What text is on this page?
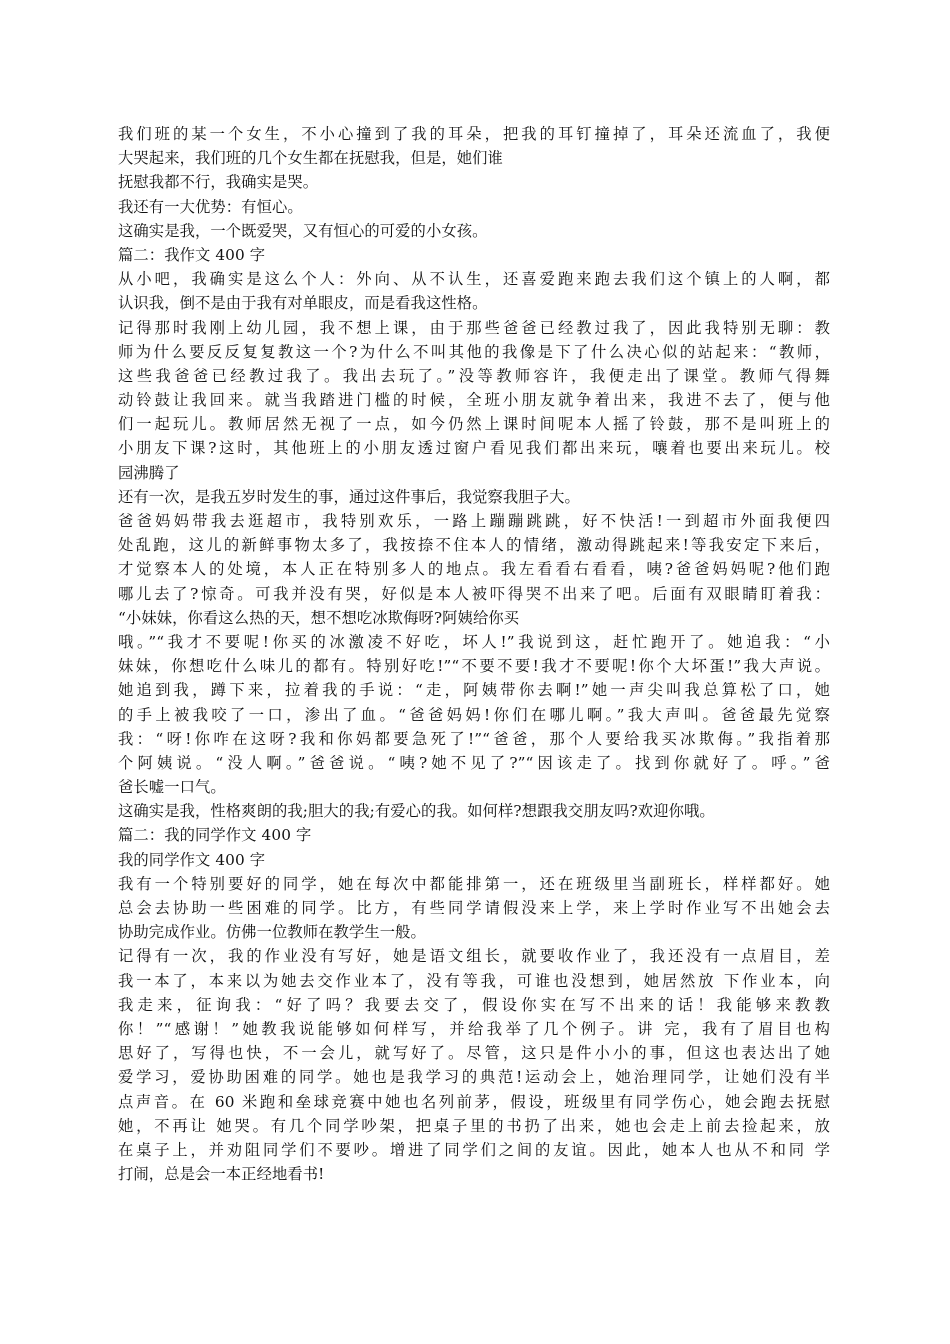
我们班的某一个女生，不小心撞到了我的耳朵，把我的耳钉撞掉了，耳朵还流血了，我便
大哭起来，我们班的几个女生都在抚慰我，但是，她们谁
抚慰我都不行，我确实是哭。
我还有一大优势：有恒心。
这确实是我，一个既爱哭，又有恒心的可爱的小女孩。
篇二：我作文 400 字
从小吧，我确实是这么个人：外向、从不认生，还喜爱跑来跑去我们这个镇上的人啊，都
认识我，倒不是由于我有对单眼皮，而是看我这性格。
记得那时我刚上幼儿园，我不想上课，由于那些爸爸已经教过我了，因此我特别无聊：教
师为什么要反反复复教这一个?为什么不叫其他的我像是下了什么决心似的站起来：“教师，
这些我爸爸已经教过我了。我出去玩了。”没等教师容许，我便走出了课堂。教师气得舞
动铃鼓让我回来。就当我踏进门槛的时候，全班小朋友就争着出来，我进不去了，便与他
们一起玩儿。教师居然无视了一点，如今仍然上课时间呢本人摇了铃鼓，那不是叫班上的
小朋友下课?这时，其他班上的小朋友透过窗户看见我们都出来玩，嚷着也要出来玩儿。校
园沸腾了
还有一次，是我五岁时发生的事，通过这件事后，我觉察我胆子大。
爸爸妈妈带我去逛超市，我特别欢乐，一路上蹦蹦跳跳，好不快活!一到超市外面我便四
处乱跑，这儿的新鲜事物太多了，我按捺不住本人的情绪，激动得跳起来!等我安定下来后，
才觉察本人的处境，本人正在特别多人的地点。我左看看右看看，咦?爸爸妈妈呢?他们跑
哪儿去了?惊奇。可我并没有哭，好似是本人被吓得哭不出来了吧。后面有双眼睛盯着我：
“小妹妹，你看这么热的天，想不想吃冰欺侮呀?阿姨给你买
哦。”“我才不要呢!你买的冰激凌不好吃，坏人!”我说到这，赶忙跑开了。她追我：“小
妹妹，你想吃什么味儿的都有。特别好吃!”“不要不要!我才不要呢!你个大坏蛋!”我大声说。
她追到我，蹲下来，拉着我的手说：“走，阿姨带你去啊!”她一声尖叫我总算松了口，她
的手上被我咬了一口，渗出了血。“爸爸妈妈!你们在哪儿啊。”我大声叫。爸爸最先觉察
我：“呀!你咋在这呀?我和你妈都要急死了!”“爸爸，那个人要给我买冰欺侮。”我指着那
个阿姨说。“没人啊。”爸爸说。“咦?她不见了?”“因该走了。找到你就好了。呼。”爸
爸长嘘一口气。
这确实是我，性格爽朗的我;胆大的我;有爱心的我。如何样?想跟我交朋友吗?欢迎你哦。
篇二：我的同学作文 400 字
我的同学作文 400 字
我有一个特别要好的同学，她在每次中都能排第一，还在班级里当副班长，样样都好。她
总会去协助一些困难的同学。比方，有些同学请假没来上学，来上学时作业写不出她会去
协助完成作业。仿佛一位教师在教学生一般。
记得有一次，我的作业没有写好，她是语文组长，就要收作业了，我还没有一点眉目，差
我一本了，本来以为她去交作业本了，没有等我，可谁也没想到，她居然放 下作业本，向
我走来，征询我：“好了吗？我要去交了，假设你实在写不出来的话！我能够来教教
你！”“感谢！”她教我说能够如何样写，并给我举了几个例子。讲 完，我有了眉目也构
思好了，写得也快，不一会儿，就写好了。尽管，这只是件小小的事，但这也表达出了她
爱学习，爱协助困难的同学。她也是我学习的典范!运动会上，她治理同学，让她们没有半
点声音。在 60 米跑和垒球竞赛中她也名列前茅，假设，班级里有同学伤心，她会跑去抚慰
她，不再让 她哭。有几个同学吵架，把桌子里的书扔了出来，她也会走上前去捡起来，放
在桌子上，并劝阻同学们不要吵。增进了同学们之间的友谊。因此，她本人也从不和同 学
打闹，总是会一本正经地看书!
